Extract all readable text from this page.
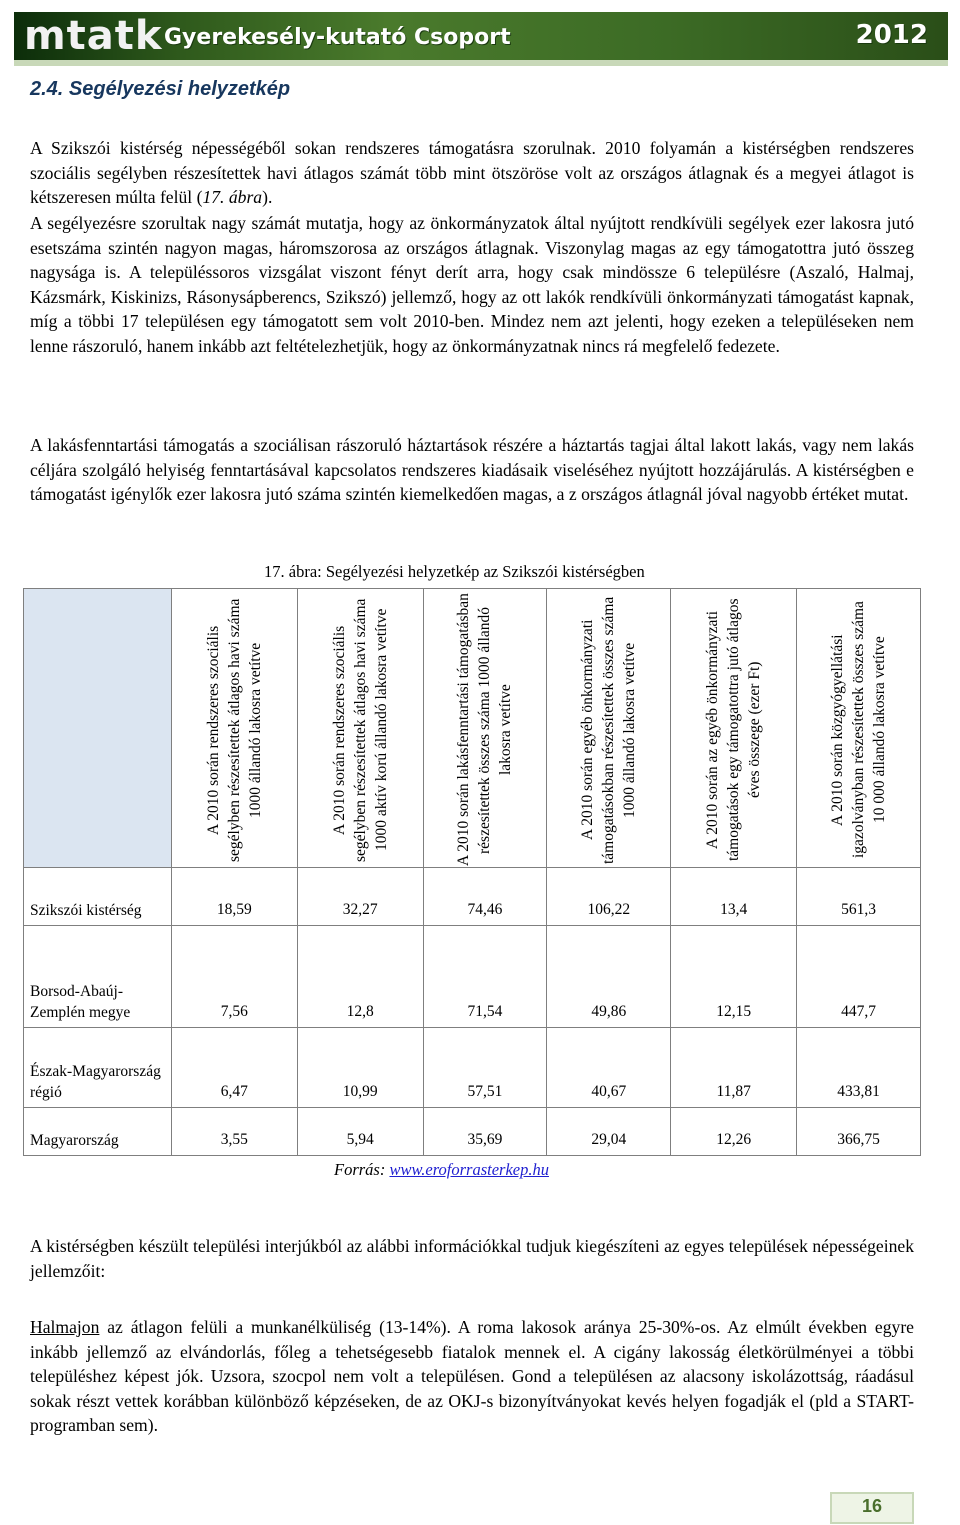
mtatk Gyerekesély-kutató Csoport	2012
2.4. Segélyezési helyzetkép
A Szikszói kistérség népességéből sokan rendszeres támogatásra szorulnak. 2010 folyamán a kistérségben rendszeres szociális segélyben részesítettek havi átlagos számát több mint ötszöröse volt az országos átlagnak és a megyei átlagot is kétszeresen múlta felül (17. ábra).
A segélyezésre szorultak nagy számát mutatja, hogy az önkormányzatok által nyújtott rendkívüli segélyek ezer lakosra jutó esetszáma szintén nagyon magas, háromszorosa az országos átlagnak. Viszonylag magas az egy támogatottra jutó összeg nagysága is. A településsoros vizsgálat viszont fényt derít arra, hogy csak mindössze 6 településre (Aszaló, Halmaj, Kázsmárk, Kiskinizs, Rásonysápberencs, Szikszó) jellemző, hogy az ott lakók rendkívüli önkormányzati támogatást kapnak, míg a többi 17 településen egy támogatott sem volt 2010-ben. Mindez nem azt jelenti, hogy ezeken a településeken nem lenne rászoruló, hanem inkább azt feltételezhetjük, hogy az önkormányzatnak nincs rá megfelelő fedezete.
A lakásfenntartási támogatás a szociálisan rászoruló háztartások részére a háztartás tagjai által lakott lakás, vagy nem lakás céljára szolgáló helyiség fenntartásával kapcsolatos rendszeres kiadásaik viseléséhez nyújtott hozzájárulás. A kistérségben e támogatást igénylők ezer lakosra jutó száma szintén kiemelkedően magas, a z országos átlagnál jóval nagyobb értéket mutat.
17. ábra: Segélyezési helyzetkép az Szikszói kistérségben

	A 2010 során rendszeres szociális segélyben részesítettek átlagos havi száma 1000 állandó lakosra vetítve	A 2010 során rendszeres szociális segélyben részesítettek átlagos havi száma 1000 aktív korú állandó lakosra vetítve	A 2010 során lakásfenntartási támogatásban részesítettek összes száma 1000 állandó lakosra vetítve	A 2010 során egyéb önkormányzati támogatásokban részesítettek összes száma 1000 állandó lakosra vetítve	A 2010 során az egyéb önkormányzati támogatások egy támogatottra jutó átlagos éves összege (ezer Ft)	A 2010 során közgyógyellátási igazolványban részesítettek összes száma 10 000 állandó lakosra vetítve

Szikszói kistérség	18,59	32,27	74,46	106,22	13,4	561,3
Borsod-Abaúj-Zemplén megye	7,56	12,8	71,54	49,86	12,15	447,7
Észak-Magyarország régió	6,47	10,99	57,51	40,67	11,87	433,81
Magyarország	3,55	5,94	35,69	29,04	12,26	366,75
Forrás: www.eroforrasterkep.hu
A kistérségben készült települési interjúkból az alábbi információkkal tudjuk kiegészíteni az egyes települések népességeinek jellemzőit:
Halmajon az átlagon felüli a munkanélküliség (13-14%). A roma lakosok aránya 25-30%-os. Az elmúlt években egyre inkább jellemző az elvándorlás, főleg a tehetségesebb fiatalok mennek el. A cigány lakosság életkörülményei a többi településhez képest jók. Uzsora, szocpol nem volt a településen. Gond a településen az alacsony iskolázottság, ráadásul sokak részt vettek korábban különböző képzéseken, de az OKJ-s bizonyítványokat kevés helyen fogadják el (pld a START-programban sem).
16
